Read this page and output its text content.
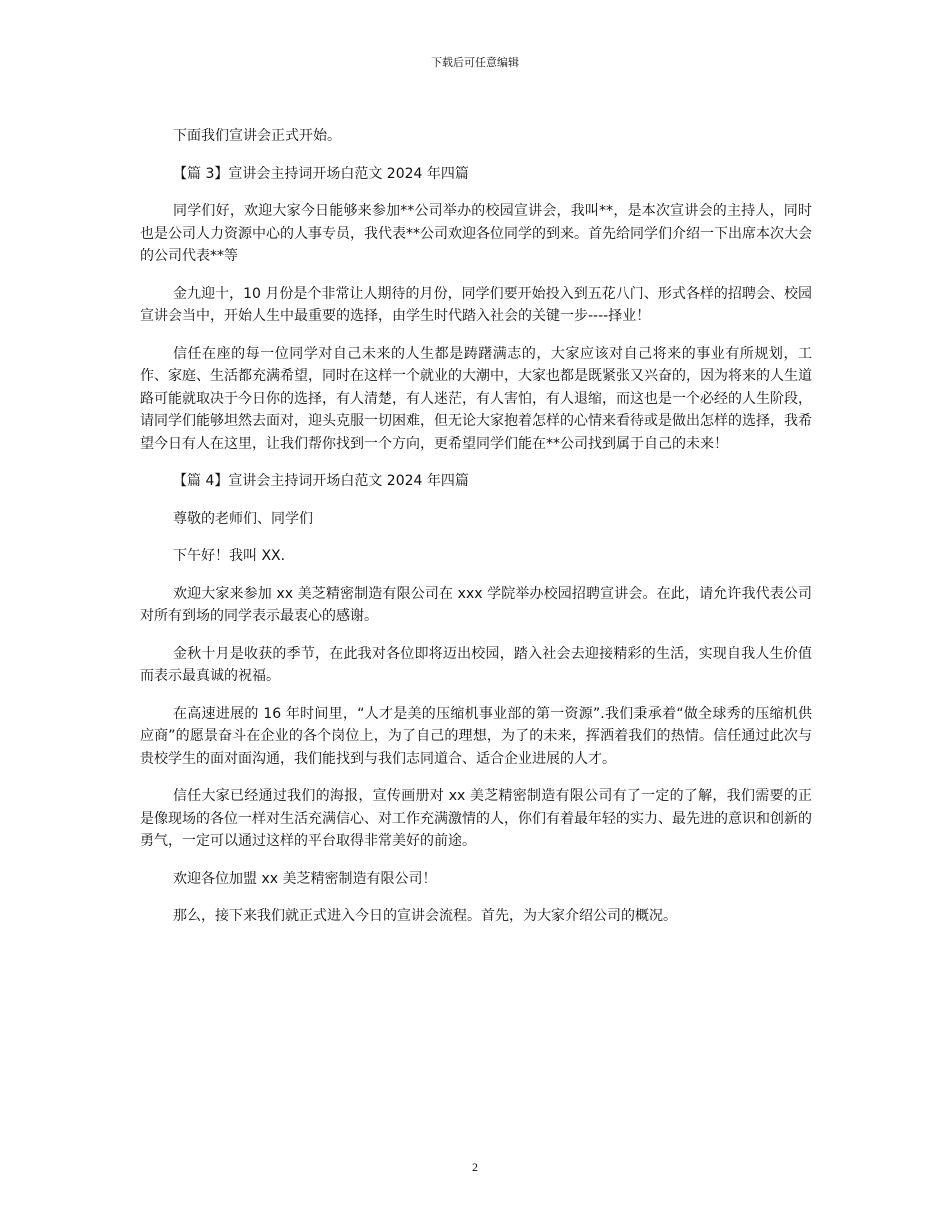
下载后可任意编辑

下面我们宣讲会正式开始。

【篇 3】宣讲会主持词开场白范文 2024 年四篇

同学们好，欢迎大家今日能够来参加**公司举办的校园宣讲会，我叫**，是本次宣讲会的主持人，同时也是公司人力资源中心的人事专员，我代表**公司欢迎各位同学的到来。首先给同学们介绍一下出席本次大会的公司代表**等

金九迎十，10 月份是个非常让人期待的月份，同学们要开始投入到五花八门、形式各样的招聘会、校园宣讲会当中，开始人生中最重要的选择，由学生时代踏入社会的关键一步----择业！

信任在座的每一位同学对自己未来的人生都是踌躇满志的，大家应该对自己将来的事业有所规划，工作、家庭、生活都充满希望，同时在这样一个就业的大潮中，大家也都是既紧张又兴奋的，因为将来的人生道路可能就取决于今日你的选择，有人清楚，有人迷茫，有人害怕，有人退缩，而这也是一个必经的人生阶段，请同学们能够坦然去面对，迎头克服一切困难，但无论大家抱着怎样的心情来看待或是做出怎样的选择，我希望今日有人在这里，让我们帮你找到一个方向，更希望同学们能在**公司找到属于自己的未来！

【篇 4】宣讲会主持词开场白范文 2024 年四篇

尊敬的老师们、同学们

下午好！我叫 XX.

欢迎大家来参加 xx 美芝精密制造有限公司在 xxx 学院举办校园招聘宣讲会。在此，请允许我代表公司对所有到场的同学表示最衷心的感谢。

金秋十月是收获的季节，在此我对各位即将迈出校园，踏入社会去迎接精彩的生活，实现自我人生价值而表示最真诚的祝福。

在高速进展的 16 年时间里，“人才是美的压缩机事业部的第一资源”.我们秉承着“做全球秀的压缩机供应商”的愿景奋斗在企业的各个岗位上，为了自己的理想，为了的未来，挥洒着我们的热情。信任通过此次与贵校学生的面对面沟通，我们能找到与我们志同道合、适合企业进展的人才。

信任大家已经通过我们的海报，宣传画册对 xx 美芝精密制造有限公司有了一定的了解，我们需要的正是像现场的各位一样对生活充满信心、对工作充满激情的人，你们有着最年轻的实力、最先进的意识和创新的勇气，一定可以通过这样的平台取得非常美好的前途。

欢迎各位加盟 xx 美芝精密制造有限公司！

那么，接下来我们就正式进入今日的宣讲会流程。首先，为大家介绍公司的概况。

2
